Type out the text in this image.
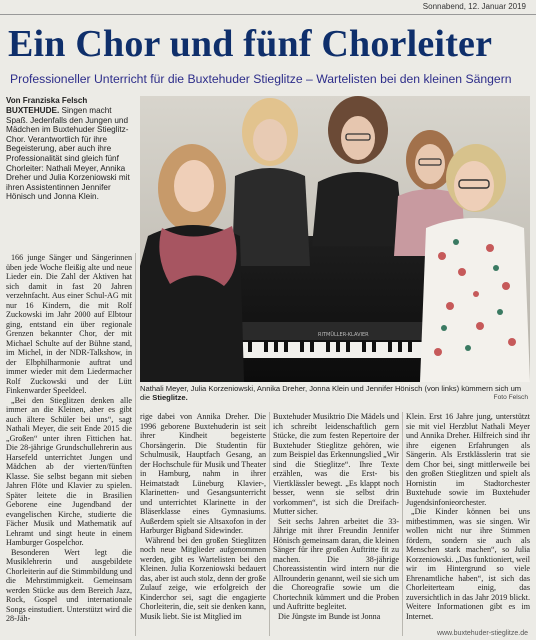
Sonnabend, 12. Januar 2019
Ein Chor und fünf Chorleiter
Professioneller Unterricht für die Buxtehuder Stieglitze – Wartelisten bei den kleinen Sängern
Von Franziska Felsch
BUXTEHUDE. Singen macht Spaß. Jedenfalls den Jungen und Mädchen im Buxtehuder Stieglitz-Chor. Verantwortlich für ihre Begeisterung, aber auch ihre Professionalität sind gleich fünf Chorleiter: Nathali Meyer, Annika Dreher und Julia Korzeniowski mit ihren Assistentinnen Jennifer Hönisch und Jonna Klein.
RITMÜLLER-KLAVIER
Nathali Meyer, Julia Korzeniowski, Annika Dreher, Jonna Klein und Jennifer Hönisch (von links) kümmern sich um die Stieglitze.	Foto Felsch

166 junge Sänger und Sängerinnen üben jede Woche fleißig alte und neue Lieder ein. Die Zahl der Aktiven hat sich damit in fast 20 Jahren verzehnfacht. Aus einer Schul-AG mit nur 16 Kindern, die mit Rolf Zuckowski im Jahr 2000 auf Elbtour ging, entstand ein über regionale Grenzen bekannter Chor, der mit Michael Schulte auf der Bühne stand, im Michel, in der NDR-Talkshow, in der Elbphilharmonie auftrat und immer wieder mit dem Liedermacher Rolf Zuckowski und der Lütt Finkenwarder Speeldeel.

„Bei den Stieglitzen denken alle immer an die Kleinen, aber es gibt auch ältere Schüler bei uns“, sagt Nathali Meyer, die seit Ende 2015 die „Großen“ unter ihren Fittichen hat. Die 28-jährige Grundschullehrerin aus Harsefeld unterrichtet Jungen und Mädchen ab der vierten/fünften Klasse. Sie selbst begann mit sieben Jahren Flöte und Klavier zu spielen. Später leitete die in Brasilien Geborene eine Jugendband der evangelischen Kirche, studierte die Fächer Musik und Mathematik auf Lehramt und singt heute in einem Hamburger Gospelchor.

Besonderen Wert legt die Musiklehrerin und ausgebildete Chorleiterin auf die Stimmbildung und die Mehrstimmigkeit. Gemeinsam werden Stücke aus dem Bereich Jazz, Rock, Gospel und internationale Songs einstudiert. Unterstützt wird die 28-Jäh-

rige dabei von Annika Dreher. Die 1996 geborene Buxtehuderin ist seit ihrer Kindheit begeisterte Chorsängerin. Die Studentin für Schulmusik, Hauptfach Gesang, an der Hochschule für Musik und Theater in Hamburg, nahm in ihrer Heimatstadt Lüneburg Klavier-, Klarinetten- und Gesangsunterricht und unterrichtet Klarinette in der Bläserklasse eines Gymnasiums. Außerdem spielt sie Altsaxofon in der Harburger Bigband Sidewinder.

Während bei den großen Stieglitzen noch neue Mitglieder aufgenommen werden, gibt es Wartelisten bei den Kleinen. Julia Korzeniowski bedauert das, aber ist auch stolz, denn der große Zulauf zeige, wie erfolgreich der Kinderchor sei, sagt die engagierte Chorleiterin, die, seit sie denken kann, Musik liebt. Sie ist Mitglied im

Buxtehuder Musiktrio Die Mädels und ich schreibt leidenschaftlich gern Stücke, die zum festen Repertoire der Buxtehuder Stieglitze gehören, wie zum Beispiel das Erkennungslied „Wir sind die Stieglitze“. Ihre Texte erzählen, was die Erst- bis Viertklässler bewegt. „Es klappt noch besser, wenn sie selbst drin vorkommen“, ist sich die Dreifach-Mutter sicher.

Seit sechs Jahren arbeitet die 33-Jährige mit ihrer Freundin Jennifer Hönisch gemeinsam daran, die kleinen Sänger für ihre großen Auftritte fit zu machen. Die 38-jährige Choreassistentin wird intern nur die Allrounderin genannt, weil sie sich um die Choreografie sowie um die Chortechnik kümmert und die Proben und Auftritte begleitet.

Die Jüngste im Bunde ist Jonna

Klein. Erst 16 Jahre jung, unterstützt sie mit viel Herzblut Nathali Meyer und Annika Dreher. Hilfreich sind ihr ihre eigenen Erfahrungen als Sängerin. Als Erstklässlerin trat sie dem Chor bei, singt mittlerweile bei den großen Stieglitzen und spielt als Hornistin im Stadtorchester Buxtehude sowie im Buxtehuder Jugendsinfonieorchester.

„Die Kinder können bei uns mitbestimmen, was sie singen. Wir wollen nicht nur ihre Stimmen fördern, sondern sie auch als Menschen stark machen“, so Julia Korzeniowski. „Das funktioniert, weil wir im Hintergrund so viele Ehrenamtliche haben“, ist sich das Chorleiterteam einig, das zuversichtlich in das Jahr 2019 blickt. Weitere Informationen gibt es im Internet.

www.buxtehuder-stieglitze.de
